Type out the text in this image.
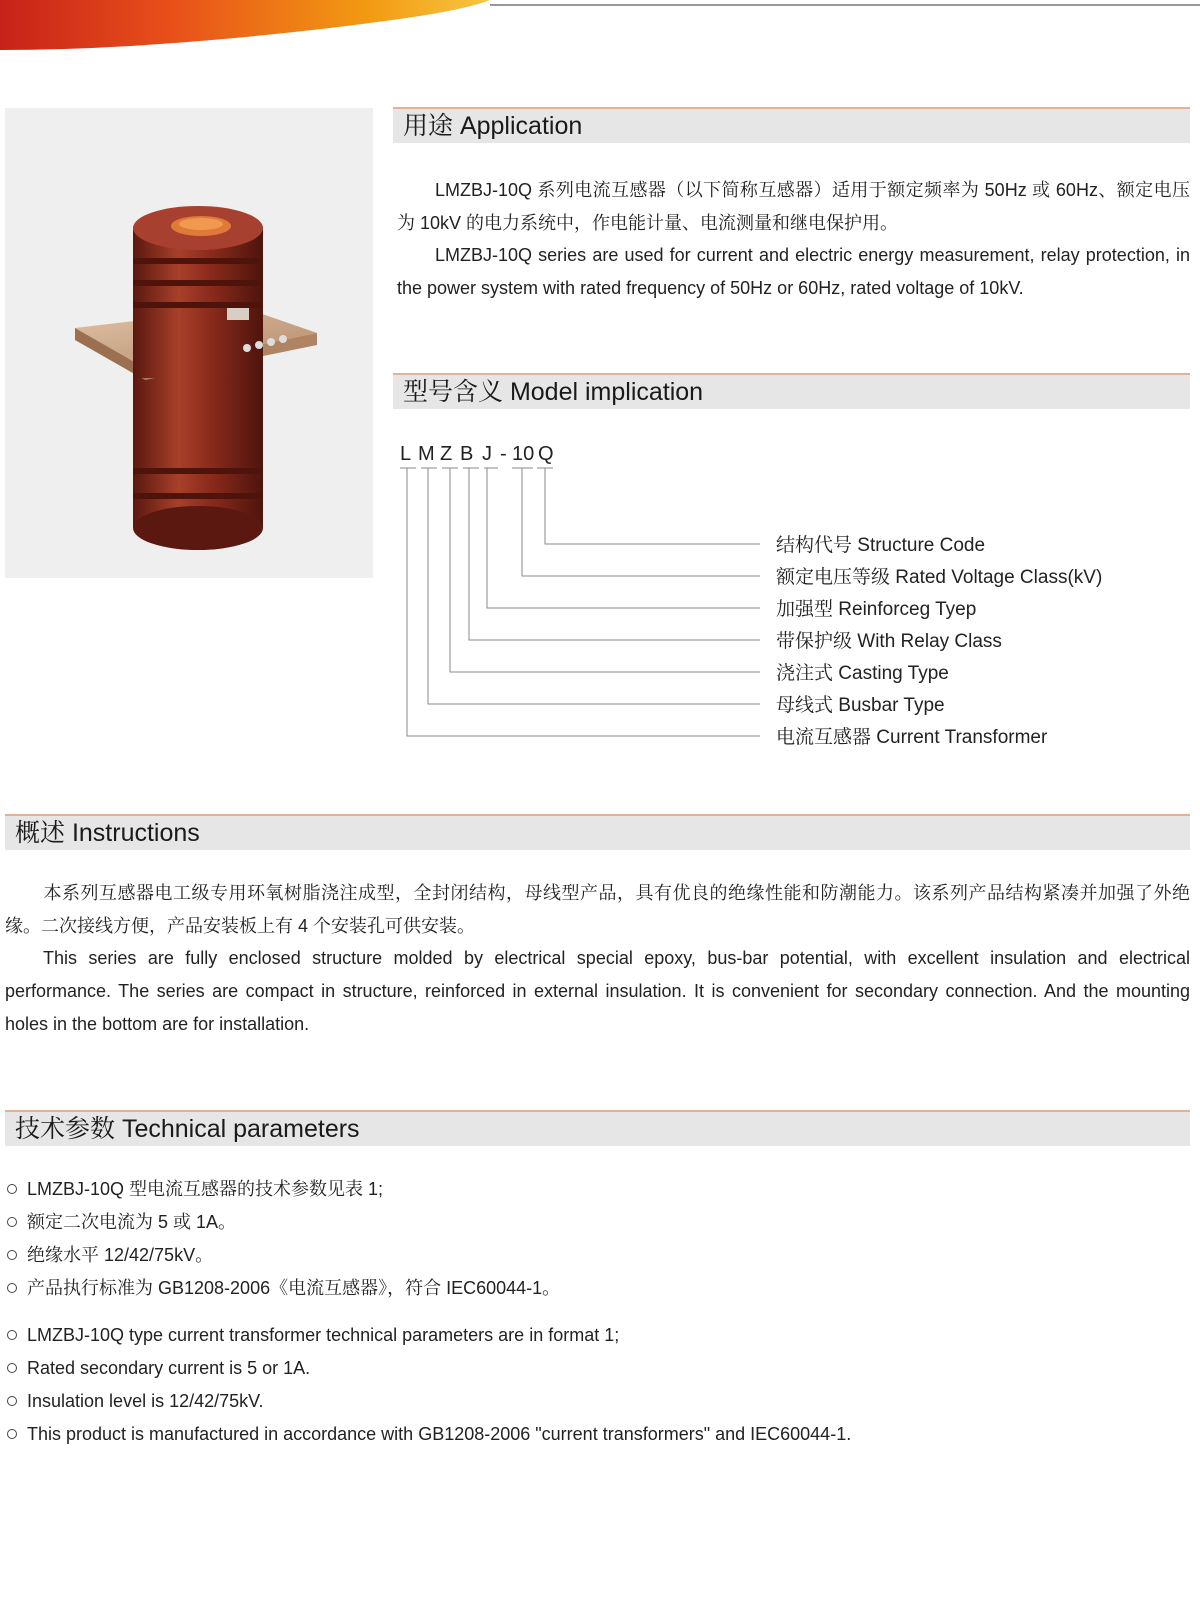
用途 Application

LMZBJ-10Q 系列电流互感器（以下简称互感器）适用于额定频率为 50Hz 或 60Hz、额定电压为 10kV 的电力系统中，作电能计量、电流测量和继电保护用。

LMZBJ-10Q series are used for current and electric energy measurement, relay protection, in the power system with rated frequency of 50Hz or 60Hz, rated voltage of 10kV.

型号含义 Model implication
L M Z B J - 10 Q
结构代号 Structure Code
额定电压等级 Rated Voltage Class(kV)
加强型 Reinforceg Tyep
带保护级 With Relay Class
浇注式 Casting Type
母线式 Busbar Type
电流互感器 Current Transformer
概述 Instructions

本系列互感器电工级专用环氧树脂浇注成型，全封闭结构，母线型产品，具有优良的绝缘性能和防潮能力。该系列产品结构紧凑并加强了外绝缘。二次接线方便，产品安装板上有 4 个安装孔可供安装。

This series are fully enclosed structure molded by electrical special epoxy, bus-bar potential, with excellent insulation and electrical performance. The series are compact in structure, reinforced in external insulation. It is convenient for secondary connection. And the mounting holes in the bottom are for installation.

技术参数 Technical parameters
LMZBJ-10Q 型电流互感器的技术参数见表 1;
额定二次电流为 5 或 1A。
绝缘水平 12/42/75kV。
产品执行标准为 GB1208-2006《电流互感器》，符合 IEC60044-1。
LMZBJ-10Q type current transformer technical parameters are in format 1;
Rated secondary current is 5 or 1A.
Insulation level is 12/42/75kV.
This product is manufactured in accordance with GB1208-2006 "current transformers" and IEC60044-1.
